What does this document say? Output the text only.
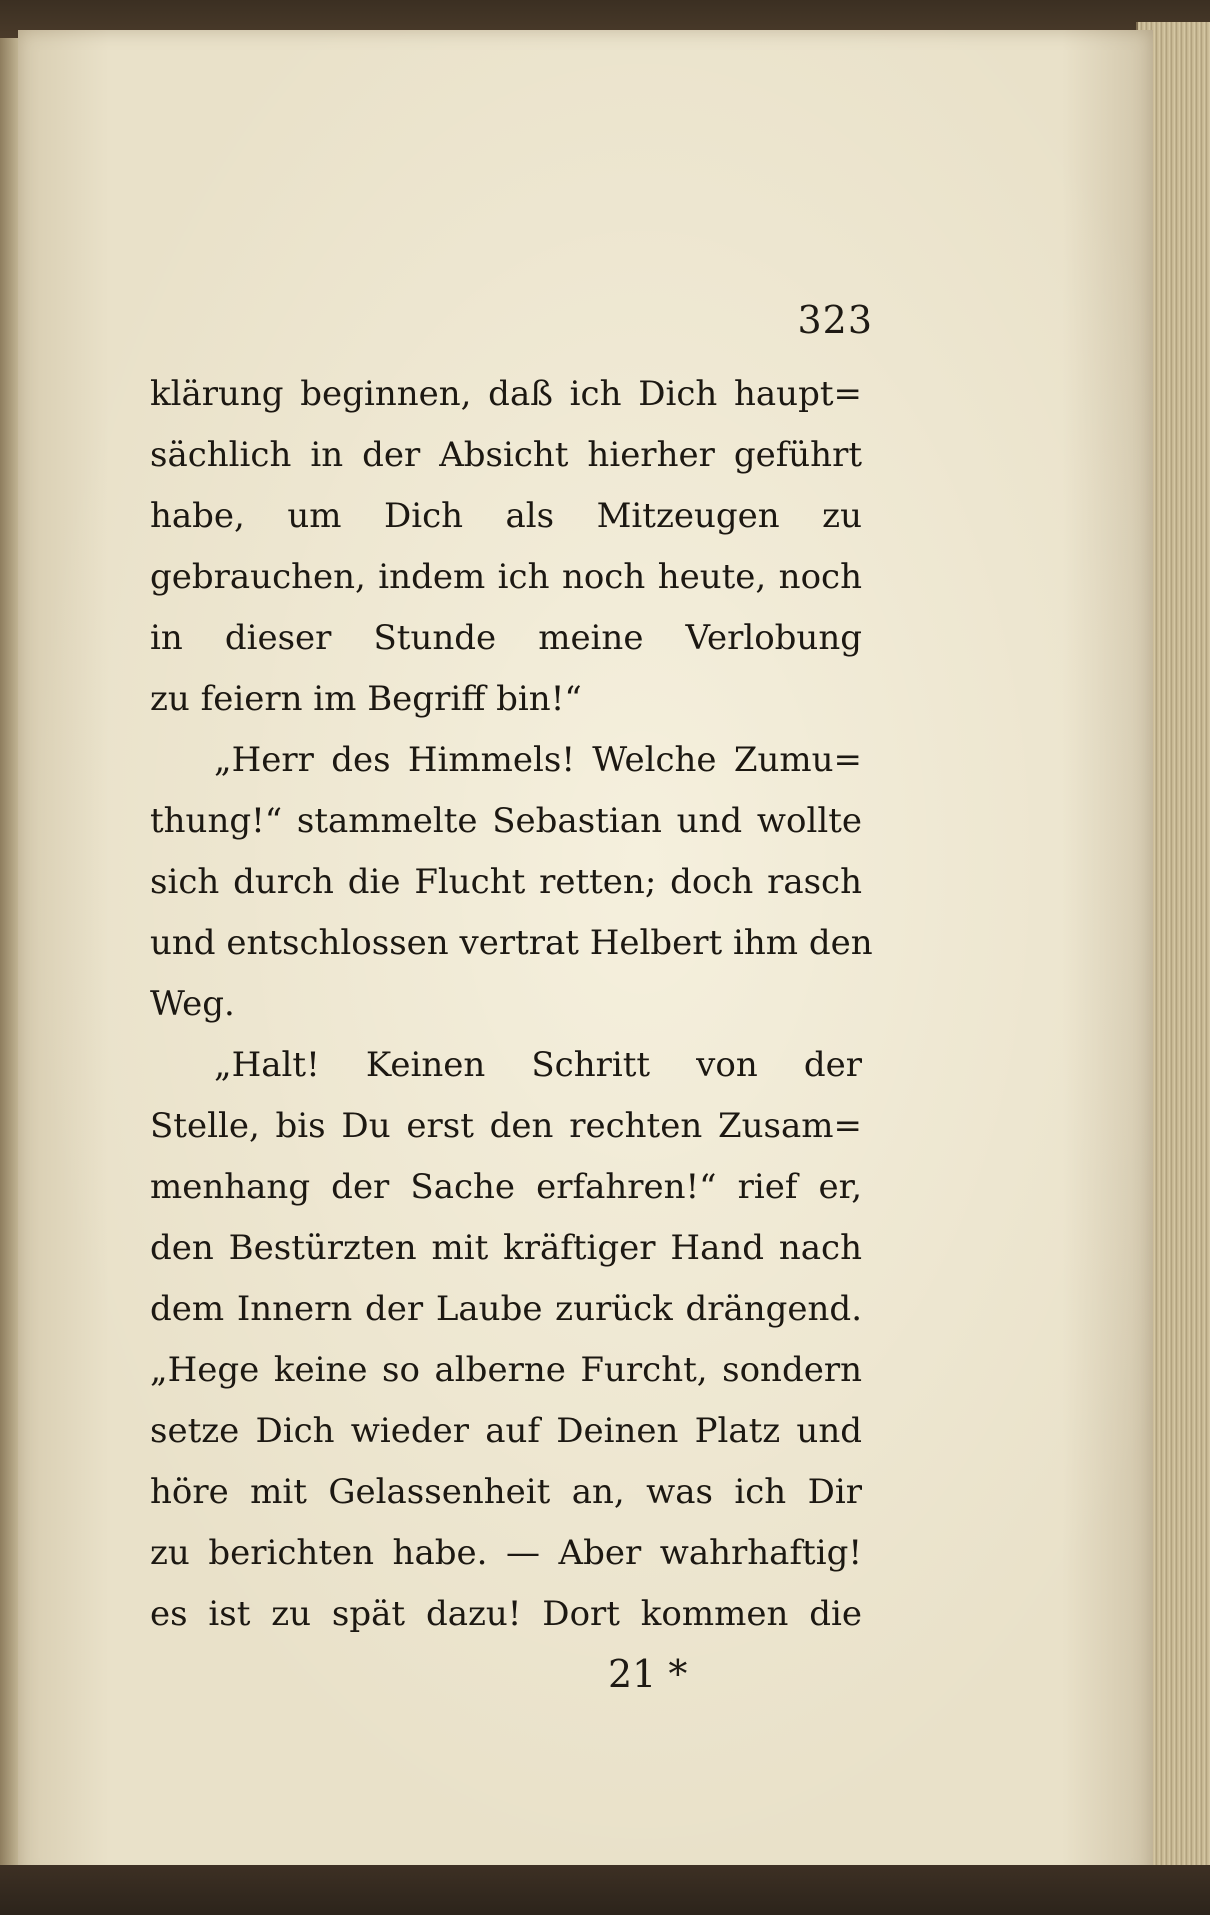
323
klärung beginnen, daß ich Dich haupt=
sächlich in der Absicht hierher geführt
habe, um Dich als Mitzeugen zu
gebrauchen, indem ich noch heute, noch
in dieser Stunde meine Verlobung
zu feiern im Begriff bin!“
„Herr des Himmels! Welche Zumu=
thung!“ stammelte Sebastian und wollte
sich durch die Flucht retten; doch rasch
und entschlossen vertrat Helbert ihm den
Weg.
„Halt! Keinen Schritt von der
Stelle, bis Du erst den rechten Zusam=
menhang der Sache erfahren!“ rief er,
den Bestürzten mit kräftiger Hand nach
dem Innern der Laube zurück drängend.
„Hege keine so alberne Furcht, sondern
setze Dich wieder auf Deinen Platz und
höre mit Gelassenheit an, was ich Dir
zu berichten habe. — Aber wahrhaftig!
es ist zu spät dazu! Dort kommen die
21 *
